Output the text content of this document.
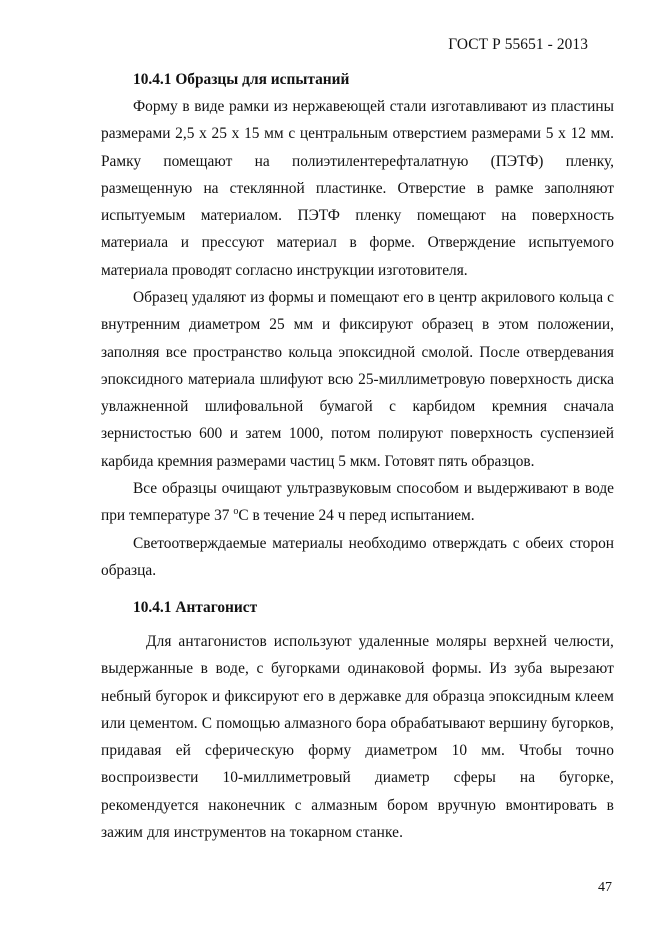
ГОСТ Р 55651 - 2013
10.4.1 Образцы для испытаний

Форму в виде рамки из нержавеющей стали изготавливают из пластины размерами 2,5 x 25 x 15 мм с центральным отверстием размерами 5 x 12 мм. Рамку помещают на полиэтилентерефталатную (ПЭТФ) пленку, размещенную на стеклянной пластинке. Отверстие в рамке заполняют испытуемым материалом. ПЭТФ пленку помещают на поверхность материала и прессуют материал в форме. Отверждение испытуемого материала проводят согласно инструкции изготовителя.

Образец удаляют из формы и помещают его в центр акрилового кольца с внутренним диаметром 25 мм и фиксируют образец в этом положении, заполняя все пространство кольца эпоксидной смолой. После отвердевания эпоксидного материала шлифуют всю 25-миллиметровую поверхность диска увлажненной шлифовальной бумагой с карбидом кремния сначала зернистостью 600 и затем 1000, потом полируют поверхность суспензией карбида кремния размерами частиц 5 мкм. Готовят пять образцов.

Все образцы очищают ультразвуковым способом и выдерживают в воде при температуре 37 $^о$С в течение 24 ч перед испытанием.

Светоотверждаемые материалы необходимо отверждать с обеих сторон образца.

10.4.1 Антагонист

Для антагонистов используют удаленные моляры верхней челюсти, выдержанные в воде, с бугорками одинаковой формы. Из зуба вырезают небный бугорок и фиксируют его в державке для образца эпоксидным клеем или цементом. С помощью алмазного бора обрабатывают вершину бугорков, придавая ей сферическую форму диаметром 10 мм. Чтобы точно воспроизвести 10-миллиметровый диаметр сферы на бугорке, рекомендуется наконечник с алмазным бором вручную вмонтировать в зажим для инструментов на токарном станке.

47
